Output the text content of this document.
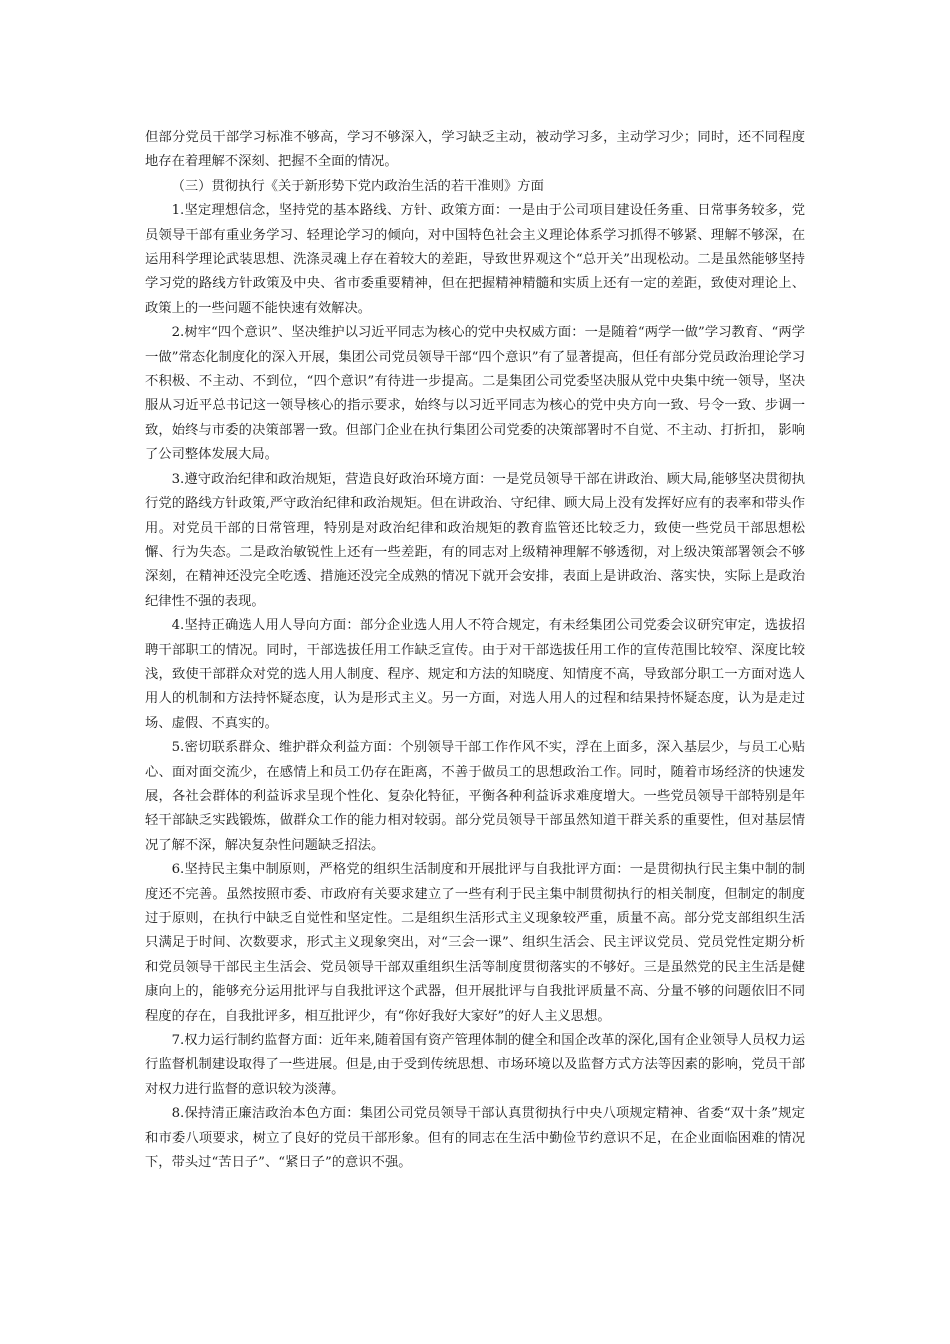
但部分党员干部学习标准不够高，学习不够深入，学习缺乏主动，被动学习多，主动学习少；同时，还不同程度地存在着理解不深刻、把握不全面的情况。

（三）贯彻执行《关于新形势下党内政治生活的若干准则》方面

1.坚定理想信念，坚持党的基本路线、方针、政策方面：一是由于公司项目建设任务重、日常事务较多，党员领导干部有重业务学习、轻理论学习的倾向，对中国特色社会主义理论体系学习抓得不够紧、理解不够深，在运用科学理论武装思想、洗涤灵魂上存在着较大的差距，导致世界观这个“总开关”出现松动。二是虽然能够坚持学习党的路线方针政策及中央、省市委重要精神，但在把握精神精髓和实质上还有一定的差距，致使对理论上、政策上的一些问题不能快速有效解决。

2.树牢“四个意识”、坚决维护以习近平同志为核心的党中央权威方面：一是随着“两学一做”学习教育、“两学一做”常态化制度化的深入开展，集团公司党员领导干部“四个意识”有了显著提高，但任有部分党员政治理论学习不积极、不主动、不到位，“四个意识”有待进一步提高。二是集团公司党委坚决服从党中央集中统一领导，坚决服从习近平总书记这一领导核心的指示要求，始终与以习近平同志为核心的党中央方向一致、号令一致、步调一致，始终与市委的决策部署一致。但部门企业在执行集团公司党委的决策部署时不自觉、不主动、打折扣， 影响了公司整体发展大局。

3.遵守政治纪律和政治规矩，营造良好政治环境方面：一是党员领导干部在讲政治、顾大局,能够坚决贯彻执行党的路线方针政策,严守政治纪律和政治规矩。但在讲政治、守纪律、顾大局上没有发挥好应有的表率和带头作用。对党员干部的日常管理，特别是对政治纪律和政治规矩的教育监管还比较乏力，致使一些党员干部思想松懈、行为失态。二是政治敏锐性上还有一些差距，有的同志对上级精神理解不够透彻，对上级决策部署领会不够深刻，在精神还没完全吃透、措施还没完全成熟的情况下就开会安排，表面上是讲政治、落实快，实际上是政治纪律性不强的表现。

4.坚持正确选人用人导向方面：部分企业选人用人不符合规定，有未经集团公司党委会议研究审定，选拔招聘干部职工的情况。同时，干部选拔任用工作缺乏宣传。由于对干部选拔任用工作的宣传范围比较窄、深度比较浅，致使干部群众对党的选人用人制度、程序、规定和方法的知晓度、知情度不高，导致部分职工一方面对选人用人的机制和方法持怀疑态度，认为是形式主义。另一方面，对选人用人的过程和结果持怀疑态度，认为是走过场、虚假、不真实的。

5.密切联系群众、维护群众利益方面：个别领导干部工作作风不实，浮在上面多，深入基层少，与员工心贴心、面对面交流少，在感情上和员工仍存在距离，不善于做员工的思想政治工作。同时，随着市场经济的快速发展，各社会群体的利益诉求呈现个性化、复杂化特征，平衡各种利益诉求难度增大。一些党员领导干部特别是年轻干部缺乏实践锻炼，做群众工作的能力相对较弱。部分党员领导干部虽然知道干群关系的重要性，但对基层情况了解不深，解决复杂性问题缺乏招法。

6.坚持民主集中制原则，严格党的组织生活制度和开展批评与自我批评方面：一是贯彻执行民主集中制的制度还不完善。虽然按照市委、市政府有关要求建立了一些有利于民主集中制贯彻执行的相关制度，但制定的制度过于原则，在执行中缺乏自觉性和坚定性。二是组织生活形式主义现象较严重，质量不高。部分党支部组织生活只满足于时间、次数要求，形式主义现象突出，对“三会一课”、组织生活会、民主评议党员、党员党性定期分析和党员领导干部民主生活会、党员领导干部双重组织生活等制度贯彻落实的不够好。三是虽然党的民主生活是健康向上的，能够充分运用批评与自我批评这个武器，但开展批评与自我批评质量不高、分量不够的问题依旧不同程度的存在，自我批评多，相互批评少，有“你好我好大家好”的好人主义思想。

7.权力运行制约监督方面：近年来,随着国有资产管理体制的健全和国企改革的深化,国有企业领导人员权力运行监督机制建设取得了一些进展。但是,由于受到传统思想、市场环境以及监督方式方法等因素的影响，党员干部对权力进行监督的意识较为淡薄。

8.保持清正廉洁政治本色方面：集团公司党员领导干部认真贯彻执行中央八项规定精神、省委“双十条”规定和市委八项要求，树立了良好的党员干部形象。但有的同志在生活中勤俭节约意识不足，在企业面临困难的情况下，带头过“苦日子”、“紧日子”的意识不强。
